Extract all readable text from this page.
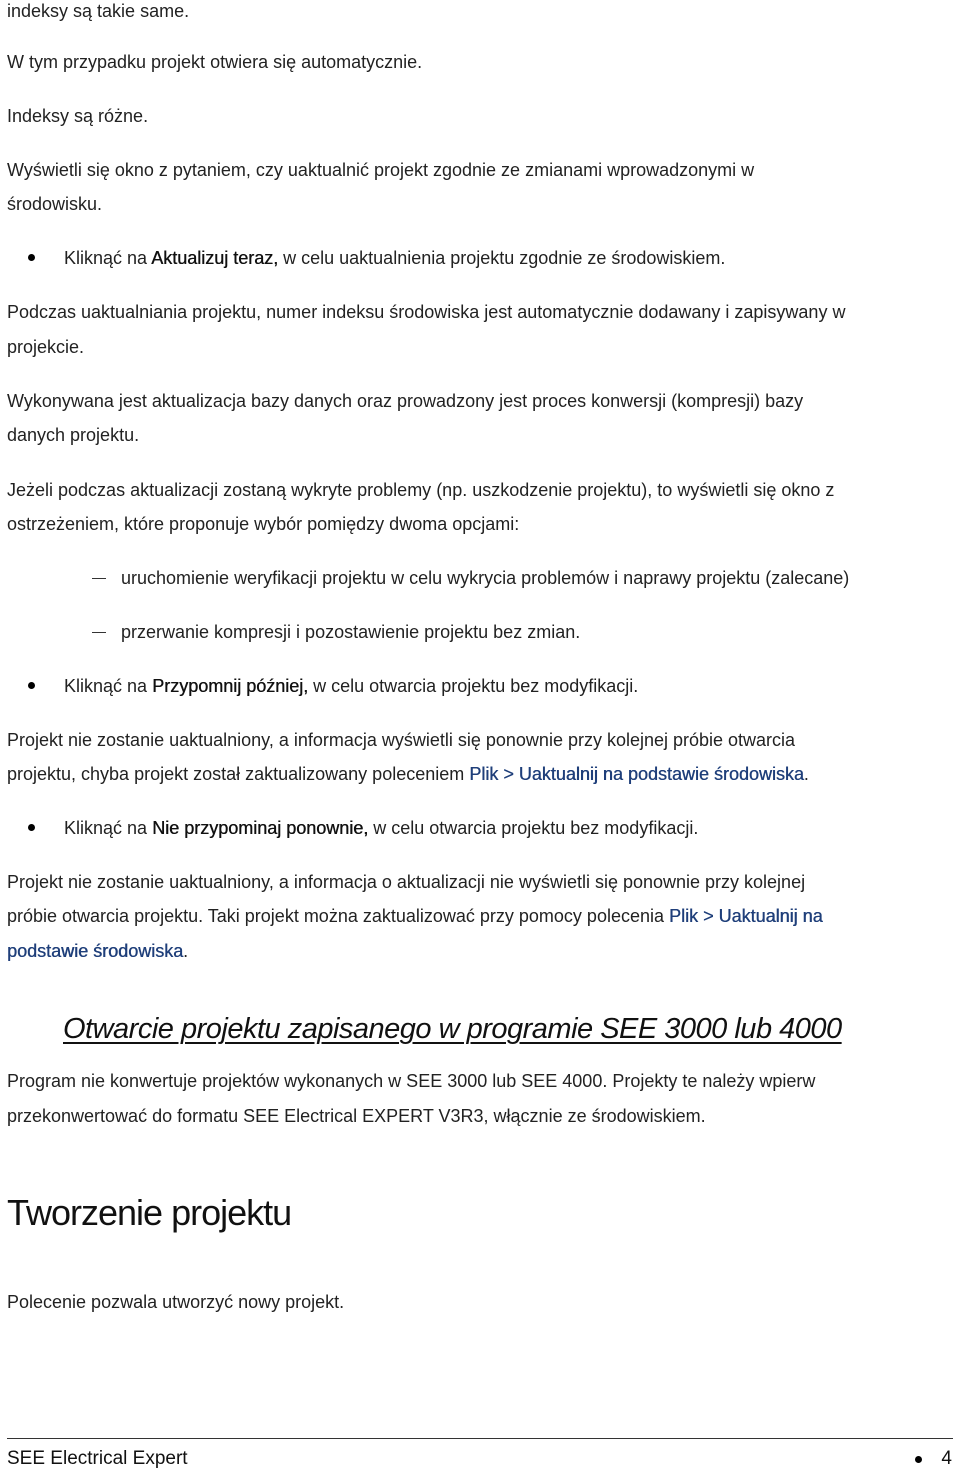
indeksy są takie same.
W tym przypadku projekt otwiera się automatycznie.
Indeksy są różne.
Wyświetli się okno z pytaniem, czy uaktualnić projekt zgodnie ze zmianami wprowadzonymi w
środowisku.
Kliknąć na Aktualizuj teraz, w celu uaktualnienia projektu zgodnie ze środowiskiem.
Podczas uaktualniania projektu, numer indeksu środowiska jest automatycznie dodawany i zapisywany w
projekcie.
Wykonywana jest aktualizacja bazy danych oraz prowadzony jest proces konwersji (kompresji) bazy
danych projektu.
Jeżeli podczas aktualizacji zostaną wykryte problemy (np. uszkodzenie projektu), to wyświetli się okno z
ostrzeżeniem, które proponuje wybór pomiędzy dwoma opcjami:
uruchomienie weryfikacji projektu w celu wykrycia problemów i naprawy projektu (zalecane)
przerwanie kompresji i pozostawienie projektu bez zmian.
Kliknąć na Przypomnij później, w celu otwarcia projektu bez modyfikacji.
Projekt nie zostanie uaktualniony, a informacja wyświetli się ponownie przy kolejnej próbie otwarcia
projektu, chyba projekt został zaktualizowany poleceniem Plik > Uaktualnij na podstawie środowiska.
Kliknąć na Nie przypominaj ponownie, w celu otwarcia projektu bez modyfikacji.
Projekt nie zostanie uaktualniony, a informacja o aktualizacji nie wyświetli się ponownie przy kolejnej
próbie otwarcia projektu. Taki projekt można zaktualizować przy pomocy polecenia Plik > Uaktualnij na
podstawie środowiska.
Otwarcie projektu zapisanego w programie SEE 3000 lub 4000
Program nie konwertuje projektów wykonanych w SEE 3000 lub SEE 4000. Projekty te należy wpierw
przekonwertować do formatu SEE Electrical EXPERT V3R3, włącznie ze środowiskiem.
Tworzenie projektu
Polecenie pozwala utworzyć nowy projekt.
SEE Electrical Expert	4
